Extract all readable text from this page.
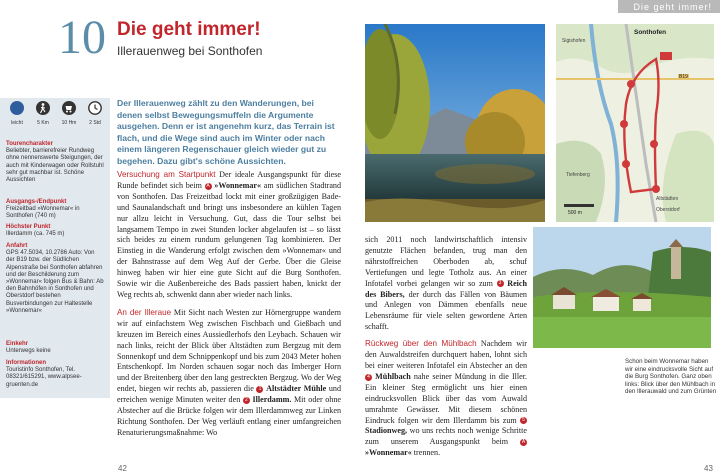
Die geht immer!
10 Die geht immer!
Illerauenweg bei Sonthofen
leicht	5 Km	10 Hm	2 Std
Tourencharakter
Beliebter, barrierefreier Rundweg ohne nennenswerte Steigungen, der auch mit Kinderwagen oder Rollstuhl sehr gut machbar ist. Schöne Aussichten
Ausgangs-/Endpunkt
Freizeitbad »Wonnemar« in Sonthofen (740 m)
Höchster Punkt
Illerdamm (ca. 745 m)
Anfahrt
GPS 47.5034, 10.2786 Auto: Von der B19 bzw. der Südlichen Alpenstraße bei Sonthofen abfahren und der Beschilderung zum »Wonnemar« folgen Bus & Bahn: Ab den Bahnhöfen in Sonthofen und Oberstdorf bestehen Busverbindungen zur Haltestelle »Wonnemar«
Einkehr
Unterwegs keine
Informationen
Touristinfo Sonthofen, Tel. 08321/615291, www.alpsee-gruenten.de
Der Illerauenweg zählt zu den Wanderungen, bei denen selbst Bewegungsmuffeln die Argumente ausgehen. Denn er ist angenehm kurz, das Terrain ist flach, und die Wege sind auch im Winter oder nach einem längeren Regenschauer gleich wieder gut zu begehen. Dazu gibt's schöne Aussichten.
Versuchung am Startpunkt Der ideale Ausgangspunkt für diese Runde befindet sich beim A »Wonnemar« am südlichen Stadtrand von Sonthofen. Das Freizeitbad lockt mit einer großzügigen Bade- und Saunalandschaft und bringt uns insbesondere an kühlen Tagen nur allzu leicht in Versuchung. Gut, dass die Tour selbst bei langsamem Tempo in zwei Stunden locker abgelaufen ist – so lässt sich beides zu einem rundum gelungenen Tag kombinieren. Der Einstieg in die Wanderung erfolgt zwischen dem »Wonnemar« und der Bahnstrasse auf dem Weg Auf der Gerbe. Über die Gleise hinweg haben wir hier eine gute Sicht auf die Burg Sonthofen. Sowie wir die Außenbereiche des Bads passiert haben, knickt der Weg rechts ab, schwenkt dann aber wieder nach links.
An der Illeraue Mit Sicht nach Westen zur Hörnergruppe wandern wir auf einfachstem Weg zwischen Fischbach und Gießbach und kreuzen im Bereich eines Aussiedlerhofs den Leybach. Schauen wir nach links, reicht der Blick über Altstädten zum Bergzug mit dem Sonnenkopf und dem Schnippenkopf und bis zum 2043 Meter hohen Entschenkopf. Im Norden schauen sogar noch das Imberger Horn und der Breitenberg über den lang gestreckten Bergzug. Wo der Weg endet, biegen wir rechts ab, passieren die 1 Altstädter Mühle und erreichen wenige Minuten weiter den 2 Illerdamm. Mit oder ohne Abstecher auf die Brücke folgen wir dem Illerdammweg zur Linken Richtung Sonthofen. Der Weg verläuft entlang einer umfangreichen Renaturierungsmaßnahme: Wo
sich 2011 noch landwirtschaftlich intensiv genutzte Flächen befanden, trug man den nährstoffreichen Oberboden ab, schuf Vertiefungen und legte Totholz aus. An einer Infotafel vorbei gelangen wir so zum 3 Reich des Bibers, der durch das Fällen von Bäumen und Anlegen von Dämmen ebenfalls neue Lebensräume für viele selten gewordene Arten schafft.
Rückweg über den Mühlbach Nachdem wir den Auwaldstreifen durchquert haben, lohnt sich bei einer weiteren Infotafel ein Abstecher an den 4 Mühlbach nahe seiner Mündung in die Iller. Ein kleiner Steg ermöglicht uns hier einen eindrucksvollen Blick über das vom Auwald umrahmte Gewässer. Mit diesem schönen Eindruck folgen wir dem Illerdamm bis zum 5 Stadionweg, wo uns rechts noch wenige Schritte zum unserem Ausgangspunkt beim	A »Wonnemar« trennen.
Sonthofen
Sigishofen
Tiefenberg
Altstädten
Oberstdorf
500 m
B19
Schon beim Wonnemar haben wir eine eindrucksvolle Sicht auf die Burg Sonthofen. Ganz oben links: Blick über den Mühlbach in den Illerauwald und zum Grünten
42	43
